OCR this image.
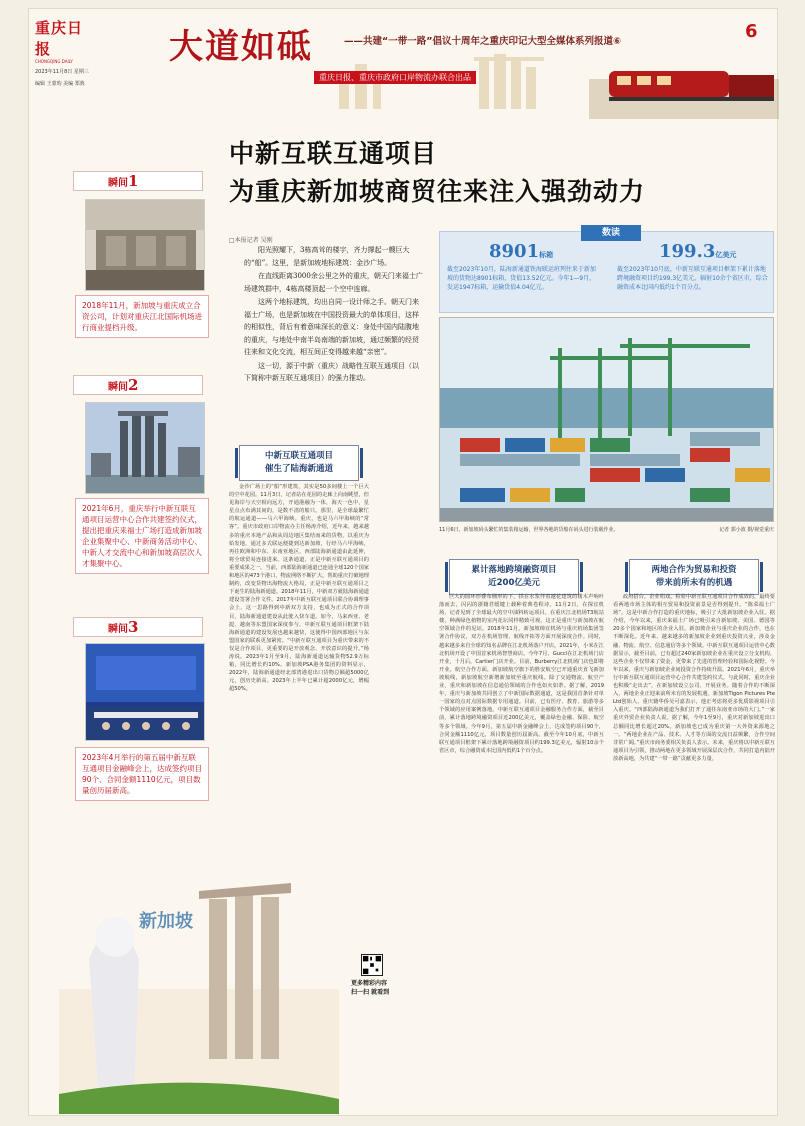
重庆日报
CHONGQING DAILY
2023年11月8日 星期三
编辑 王蒙昀 美编 郑典
大道如砥	——共建“一带一路”倡议十周年之重庆印记大型全媒体系列报道⑥
重庆日报、重庆市政府口岸物流办联合出品
6
中新互联互通项目
为重庆新加坡商贸往来注入强劲动力
瞬间1
2018年11月，新加坡与重庆成立合资公司，计划对重庆江北国际机场进行商业提档升级。
瞬间2
2021年6月，重庆举行中新互联互通项目运营中心合作共建签约仪式，提出把重庆来福士广场打造成新加坡企业集聚中心、中新商务活动中心、中新人才交流中心和新加坡高层次人才集聚中心。
瞬间3
2023年4月举行的第五届中新互联互通项目金融峰会上，达成签约项目90个、合同金额1110亿元，项目数量创历届新高。
□本报记者 吴刚

阳光照耀下，3栋高耸的楼宇，齐力撑起一艘巨大的“船”。这里，是新加坡地标建筑：金沙广场。

在直线距离3000余公里之外的重庆，朝天门来福士广场建筑群中，4栋高楼顶起一个空中连廊。

这两个地标建筑，均出自同一设计师之手。朝天门来福士广场，也是新加坡在中国投资最大的单体项目，这样的相似性，背后有着意味深长的意义：身处中国内陆腹地的重庆，与地处中南半岛南端的新加坡，通过频繁的经贸往来和文化交流，相互间正变得越来越“亲密”。

这一切，源于中新（重庆）战略性互联互通项目（以下简称中新互联互通项目）的强力推动。

中新互联互通项目
催生了陆海新通道

金沙广场上的“船”形建筑，其实是50多间楼上一个巨大的空中花园。11月3日，记者站在花园的走廊上向南眺望，但见海岸与天空相向远方，开通港融为一体，海天一色中，星星点点布满其间的，是数不清的船只。那里，是全球最繁忙的航运通道——马六甲海峡。重庆，也是马六甲海峡的“常客”。重庆市政府口岸物流办主任杨涛介绍，近年来，越来越多的重庆本地产品和从周边地区集结而来的货物，以重庆为始发地，通过多式联运便捷到达新加坡，行经马六甲海峡，再往欧洲和中东、东南亚地区，西部陆海新通道由此延伸，将全球贸易连接进来。这条通道，正是中新互联互通项目的重要成果之一。当前，西部陆海新通道已连通全球120个国家和地区的473个港口，物流网络不断扩大。帮助重庆打破地理制约，改变货物出海物流大格局，正是中新互联互通项目之下诞生的陆海新通道。2018年11月，中新双方就陆海新通道建设签署合作文件。2017年中新互联互通项目联合协调理事会上，这一思路得到中新双方支持，也成为正式的合作项目，陆海新通道建设从此驶入快车道。如今，马来西亚、老挝、越南等东盟国家深度参与，中新互联互通项目框架下陆海新通道的建设发展也越来越快，这使得中国西部地区与东盟国家的联系更加紧密。“中新互联互通项目为重庆带来的不仅是合作项目，更重要的是开放观念、开放意识的提升。”杨涛说。2023年1月至9月，陆海新通道运输货物52.9万标箱，同比增长约10%。新加坡PSA港务集团的资料显示，2022年，陆海新通道经北部湾港进出口货物总额超5000亿元，创历史新高。2023年上半年已累计超2000亿元，增幅超50%。

更多精彩内容
扫一扫 就看到
新加坡
数读
8901标箱
截至2023年10月，陆海新通道铁海联运班列往来于新加坡的货物达8901标箱，货值13.52亿元。今年1—9月，发运1947标箱，运输货值4.04亿元。
199.3亿美元
截至2023年10月底，中新互联互通项目框架下累计落地跨境融资项目约199.3亿美元，辐射10余个省区市，综合融资成本比国内低约1个百分点。
11月6日，新加坡码头繁忙的集装箱运输，世界各地的货船在码头进行装载作业。	记者 郭小波 摄/视觉重庆
累计落地跨境融资项目
近200亿美元

巨大的圆环形叠布桶形的下，拱在水浆伴着越花建筑的楼木声响叶落而去，闪闪的浙籍君缓键上载种着典卷程诗。11月2日，在探宜机场，记者见到了全球最大的空中油料转运项目。在重庆江北机场T3航站楼，种满绿色植物的室内花坛同样精致可观。这正是重庆与新加坡在航空领域合作的见证。2018年11月，新加坡樟宜机场与重庆机场集团签署合作协议，双方在机场管理、航线开拓等方面开展深度合作。同时，越来越多来自全球的知名品牌在江北机场落户开店。2021年，小米在江北机场开设了中国首家机场智慧商店。今年7月，Gucci在江北机场门店开业，十月后，Cartier门店开业。目前，Burberry江北机场门店也即将开业。航空合作方面，新加坡航空旗下的胜安航空已开通重庆直飞新加坡航线，新加坡航空新增新加坡至重庆航线。除了交通物流、航空产业，重庆和新加坡在信息通信领域的合作也如火如荼。据了解，2019年，重庆与新加坡共同创立了中新国际数据通道，这是我国首条针对单一国家的点对点国际数据专用通道。目前，已有医疗、教育、旅游等多个领域的应用案例落地。中新互联互通项目金融服务合作方面，截至目前，累计落地跨境融资项目近200亿美元，覆盖绿色金融、保险、航空等多个领域。今年9月，第五届中新金融峰会上，达成签约项目90个，合同金额1110亿元，项目数量创历届新高。截至今年10月底，中新互联互通项目框架下累计落地跨境融资项目约199.3亿美元，辐射10余个省区市，综合融资成本比国内低约1个百分点。

两地合作为贸易和投资
带来前所未有的机遇

政府搭台，企业唱戏。检验中新互联互通项目合作成效的，最终要看两地市场主体的相互贸易和投资前景是否得到提升。“陈菜福士广场”，这是中新合作打造的重庆地标，吸引了大批新加坡企业入驻。据介绍，今年以来，重庆来福士广场已吸引来自新加坡、美国、德国等20多个国家和地区的企业入驻。新加坡企业与重庆企业的合作，也在不断深化。近年来，越来越多的新加坡企业到重庆投资兴业，涉及金融、物流、航空、信息通信等多个领域。中新互联互通项目运营中心数据显示，截至目前，已有超过240家新加坡企业在重庆设立分支机构。这些企业不仅带来了资金，更带来了先进的管理经验和国际化视野。今年以来，重庆与新加坡企业间投资合作持续升温。2021年6月，重庆举行中新互联互通项目运营中心合作共建签约仪式。与此同时，重庆企业也积极“走出去”，在新加坡设立公司、开展业务。随着合作的不断深入，两地企业正迎来前所未有的发展机遇。新加坡Tigon Pictures Pte Ltd创始人、重庆籍华侨吴可嘉表示，他正考虑将更多优质影视项目引入重庆。“西部陆海新通道为我们打开了通往东南亚市场的大门。”一家重庆外贸企业负责人说。据了解，今年1至9月，重庆对新加坡进出口总额同比增长超过20%。新加坡也已成为重庆第一大外资来源地之一。“两地企业在产品、技术、人才等方面的交流日益频繁，合作空间非常广阔。”重庆市商务委相关负责人表示。未来，重庆将以中新互联互通项目为引领，推动两地在更多领域开展深层次合作，共同打造内陆开放新高地，为共建“一带一路”贡献更多力量。
